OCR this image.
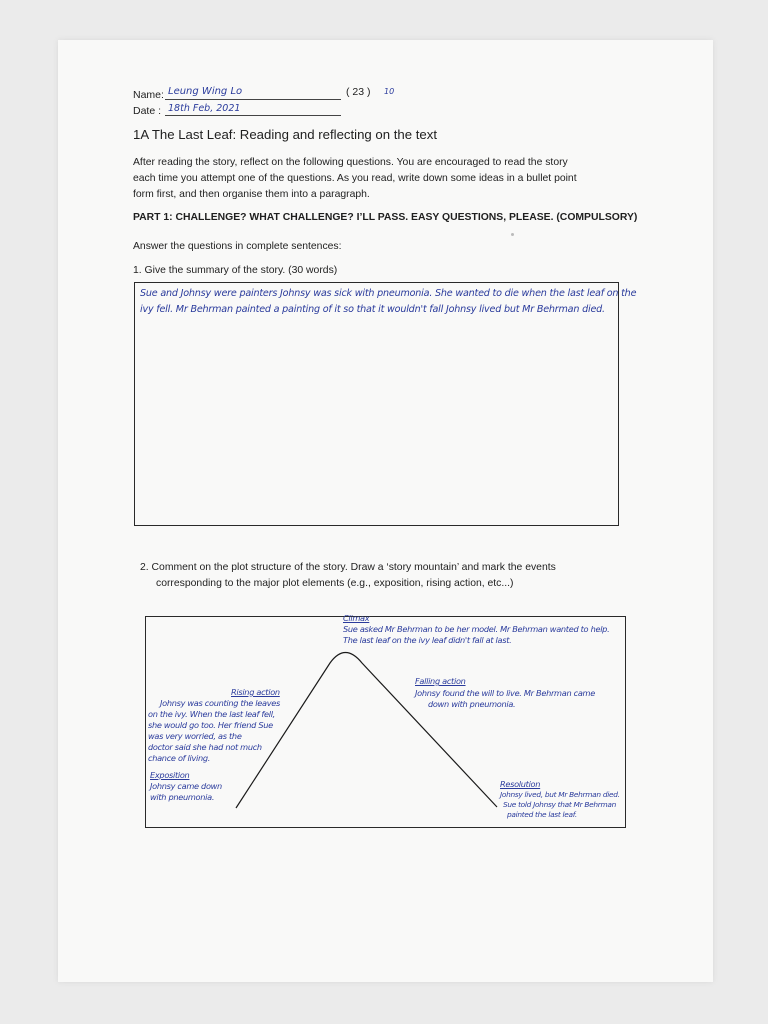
Name: Leung Wing Lo	( 23 ) 10
Date : 18th Feb, 2021
1A The Last Leaf: Reading and reflecting on the text
After reading the story, reflect on the following questions. You are encouraged to read the story
each time you attempt one of the questions. As you read, write down some ideas in a bullet point
form first, and then organise them into a paragraph.
PART 1: CHALLENGE? WHAT CHALLENGE? I’LL PASS. EASY QUESTIONS, PLEASE. (COMPULSORY)
Answer the questions in complete sentences:
1. Give the summary of the story. (30 words)
Sue and Johnsy were painters Johnsy was sick with pneumonia. She wanted to die when the last leaf on the
ivy fell. Mr Behrman painted a painting of it so that it wouldn't fall Johnsy lived but Mr Behrman died.
2. Comment on the plot structure of the story. Draw a ‘story mountain’ and mark the events
corresponding to the major plot elements (e.g., exposition, rising action, etc...)
Climax
Sue asked Mr Behrman to be her model. Mr Behrman wanted to help.
The last leaf on the ivy leaf didn't fall at last.
Rising action
Johnsy was counting the leaves
on the ivy. When the last leaf fell,
she would go too. Her friend Sue
was very worried, as the
doctor said she had not much
chance of living.
Exposition
Johnsy came down
with pneumonia.
Falling action
Johnsy found the will to live. Mr Behrman came
down with pneumonia.
Resolution
Johnsy lived, but Mr Behrman died.
Sue told Johnsy that Mr Behrman
painted the last leaf.
